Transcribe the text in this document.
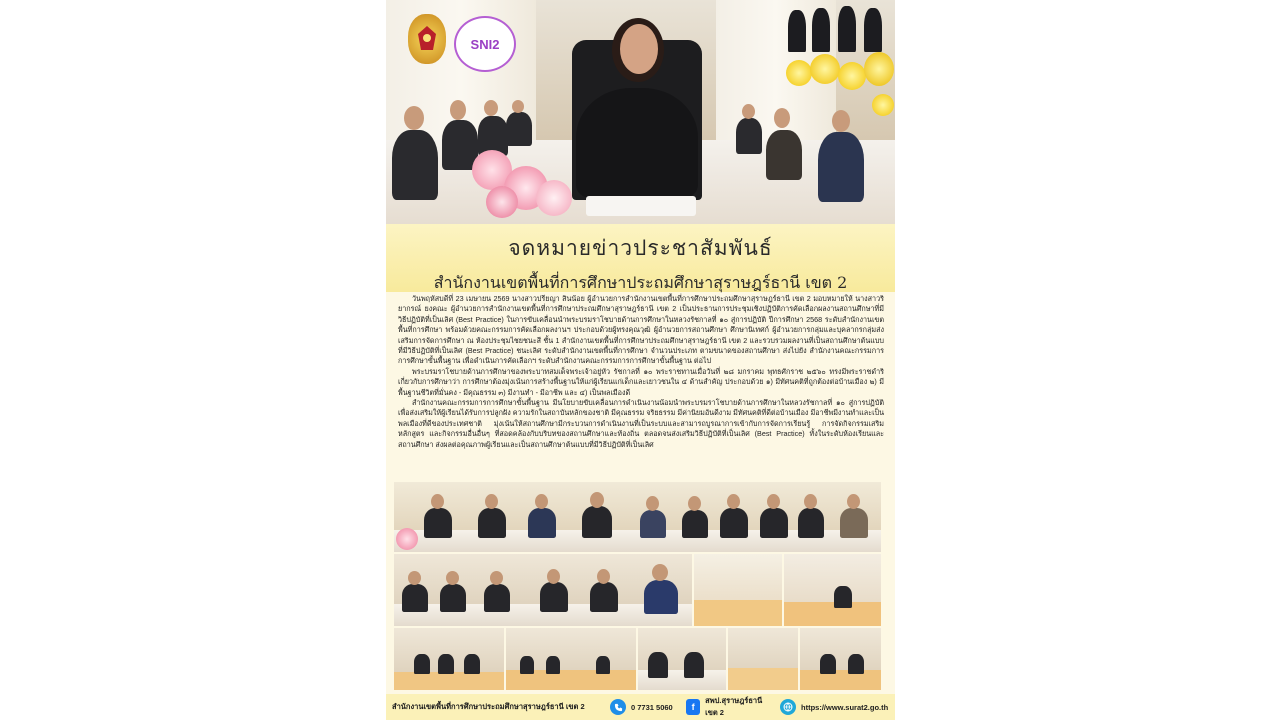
SNI2
จดหมายข่าวประชาสัมพันธ์
สำนักงานเขตพื้นที่การศึกษาประถมศึกษาสุราษฎร์ธานี เขต 2

วันพฤหัสบดีที่ 23 เมษายน 2569 นางสาวปรียญา สินน้อย ผู้อำนวยการสำนักงานเขตพื้นที่การศึกษาประถมศึกษาสุราษฎร์ธานี เขต 2 มอบหมายให้ นางสาวริยากรณ์ ยงคณะ ผู้อำนวยการสำนักงานเขตพื้นที่การศึกษาประถมศึกษาสุราษฎร์ธานี เขต 2 เป็นประธานการประชุมเชิงปฏิบัติการคัดเลือกผลงานสถานศึกษาที่มีวิธีปฏิบัติที่เป็นเลิศ (Best Practice) ในการขับเคลื่อนนำพระบรมราโชบายด้านการศึกษาในหลวงรัชกาลที่ ๑๐ สู่การปฏิบัติ ปีการศึกษา 2568 ระดับสำนักงานเขตพื้นที่การศึกษา พร้อมด้วยคณะกรรมการคัดเลือกผลงานฯ ประกอบด้วยผู้ทรงคุณวุฒิ ผู้อำนวยการสถานศึกษา ศึกษานิเทศก์ ผู้อำนวยการกลุ่มและบุคลากรกลุ่มส่งเสริมการจัดการศึกษา ณ ห้องประชุมไชยชนะสี ชั้น 1 สำนักงานเขตพื้นที่การศึกษาประถมศึกษาสุราษฎร์ธานี เขต 2 และรวบรวมผลงานที่เป็นสถานศึกษาต้นแบบที่มีวิธีปฏิบัติที่เป็นเลิศ (Best Practice) ชนะเลิศ ระดับสำนักงานเขตพื้นที่การศึกษา จำนวนประเภท ตามขนาดของสถานศึกษา ส่งไปยัง สำนักงานคณะกรรมการการศึกษาขั้นพื้นฐาน เพื่อดำเนินการคัดเลือกฯ ระดับสำนักงานคณะกรรมการการศึกษาขั้นพื้นฐาน ต่อไป

พระบรมราโชบายด้านการศึกษาของพระบาทสมเด็จพระเจ้าอยู่หัว รัชกาลที่ ๑๐ พระราชทานเมื่อวันที่ ๒๘ มกราคม พุทธศักราช ๒๕๖๐ ทรงมีพระราชดำริเกี่ยวกับการศึกษาว่า การศึกษาต้องมุ่งเน้นการสร้างพื้นฐานให้แก่ผู้เรียนแก่เด็กและเยาวชนใน ๔ ด้านสำคัญ ประกอบด้วย ๑) มีทัศนคติที่ถูกต้องต่อบ้านเมือง ๒) มีพื้นฐานชีวิตที่มั่นคง - มีคุณธรรม ๓) มีงานทำ - มีอาชีพ และ ๔) เป็นพลเมืองดี

สำนักงานคณะกรรมการการศึกษาขั้นพื้นฐาน มีนโยบายขับเคลื่อนการดำเนินงานน้อมนำพระบรมราโชบายด้านการศึกษาในหลวงรัชกาลที่ ๑๐ สู่การปฏิบัติ เพื่อส่งเสริมให้ผู้เรียนได้รับการปลูกฝัง ความรักในสถาบันหลักของชาติ มีคุณธรรม จริยธรรม มีค่านิยมอันดีงาม มีทัศนคติที่ดีต่อบ้านเมือง มีอาชีพมีงานทำและเป็นพลเมืองที่ดีของประเทศชาติ มุ่งเน้นให้สถานศึกษามีกระบวนการดำเนินงานที่เป็นระบบและสามารถบูรณาการเข้ากับการจัดการเรียนรู้ การจัดกิจกรรมเสริมหลักสูตร และกิจกรรมอื่นอื่นๆ ที่สอดคล้องกับบริบทของสถานศึกษาและท้องถิ่น ตลอดจนส่งเสริมวิธีปฏิบัติที่เป็นเลิศ (Best Practice) ทั้งในระดับห้องเรียนและสถานศึกษา ส่งผลต่อคุณภาพผู้เรียนและเป็นสถานศึกษาต้นแบบที่มีวิธีปฏิบัติที่เป็นเลิศ

สำนักงานเขตพื้นที่การศึกษาประถมศึกษาสุราษฎร์ธานี เขต 2	0 7731 5060	f
สพป.สุราษฎร์ธานี เขต 2
https://www.surat2.go.th
